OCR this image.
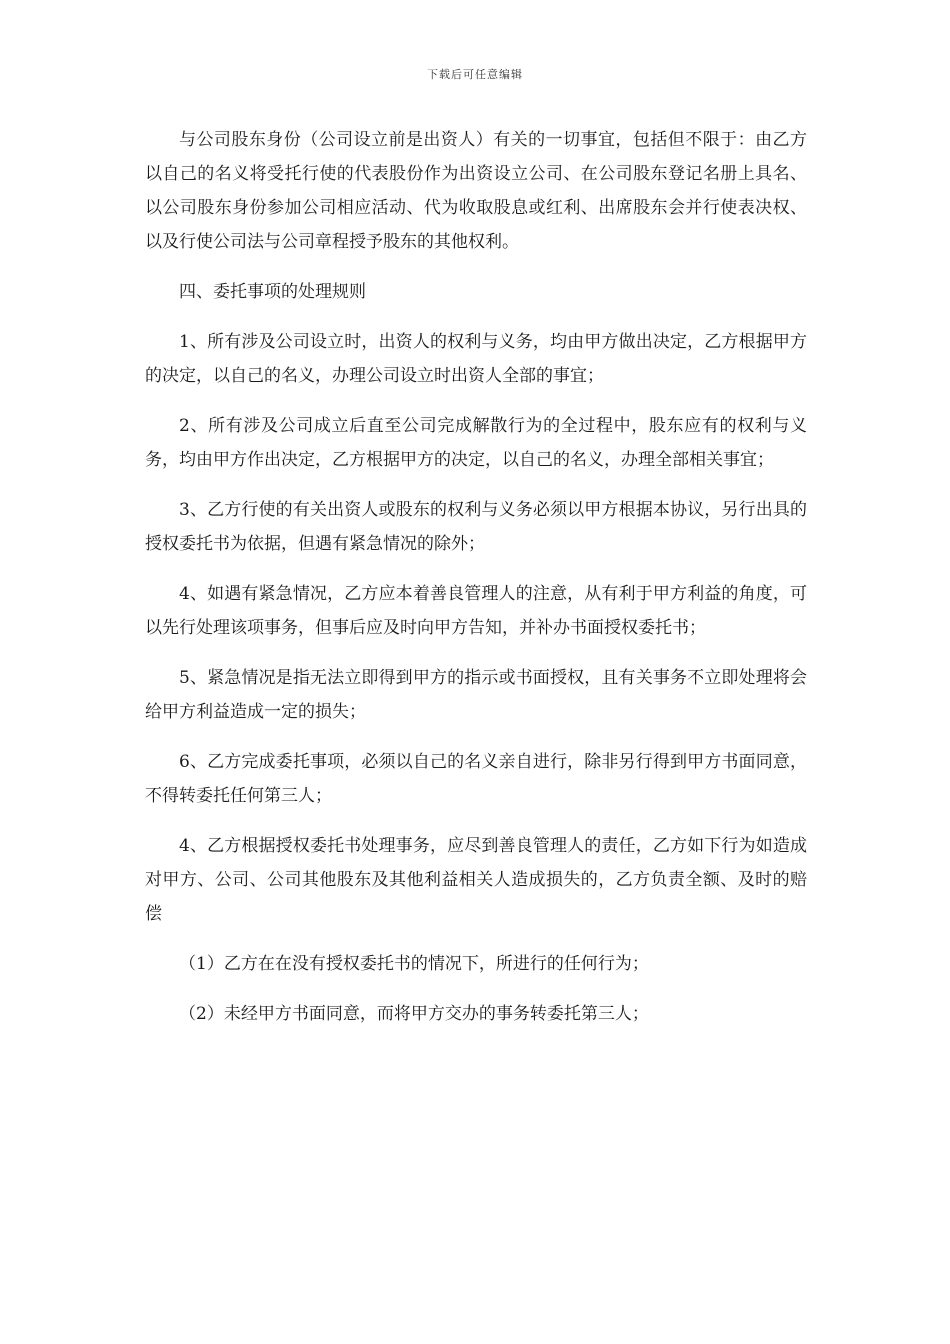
下载后可任意编辑

与公司股东身份（公司设立前是出资人）有关的一切事宜，包括但不限于：由乙方以自己的名义将受托行使的代表股份作为出资设立公司、在公司股东登记名册上具名、以公司股东身份参加公司相应活动、代为收取股息或红利、出席股东会并行使表决权、以及行使公司法与公司章程授予股东的其他权利。

四、委托事项的处理规则

1、所有涉及公司设立时，出资人的权利与义务，均由甲方做出决定，乙方根据甲方的决定，以自己的名义，办理公司设立时出资人全部的事宜；

2、所有涉及公司成立后直至公司完成解散行为的全过程中，股东应有的权利与义务，均由甲方作出决定，乙方根据甲方的决定，以自己的名义，办理全部相关事宜；

3、乙方行使的有关出资人或股东的权利与义务必须以甲方根据本协议，另行出具的授权委托书为依据，但遇有紧急情况的除外；

4、如遇有紧急情况，乙方应本着善良管理人的注意，从有利于甲方利益的角度，可以先行处理该项事务，但事后应及时向甲方告知，并补办书面授权委托书；

5、紧急情况是指无法立即得到甲方的指示或书面授权，且有关事务不立即处理将会给甲方利益造成一定的损失；

6、乙方完成委托事项，必须以自己的名义亲自进行，除非另行得到甲方书面同意，不得转委托任何第三人；

4、乙方根据授权委托书处理事务，应尽到善良管理人的责任，乙方如下行为如造成对甲方、公司、公司其他股东及其他利益相关人造成损失的，乙方负责全额、及时的赔偿

（1）乙方在在没有授权委托书的情况下，所进行的任何行为；

（2）未经甲方书面同意，而将甲方交办的事务转委托第三人；
